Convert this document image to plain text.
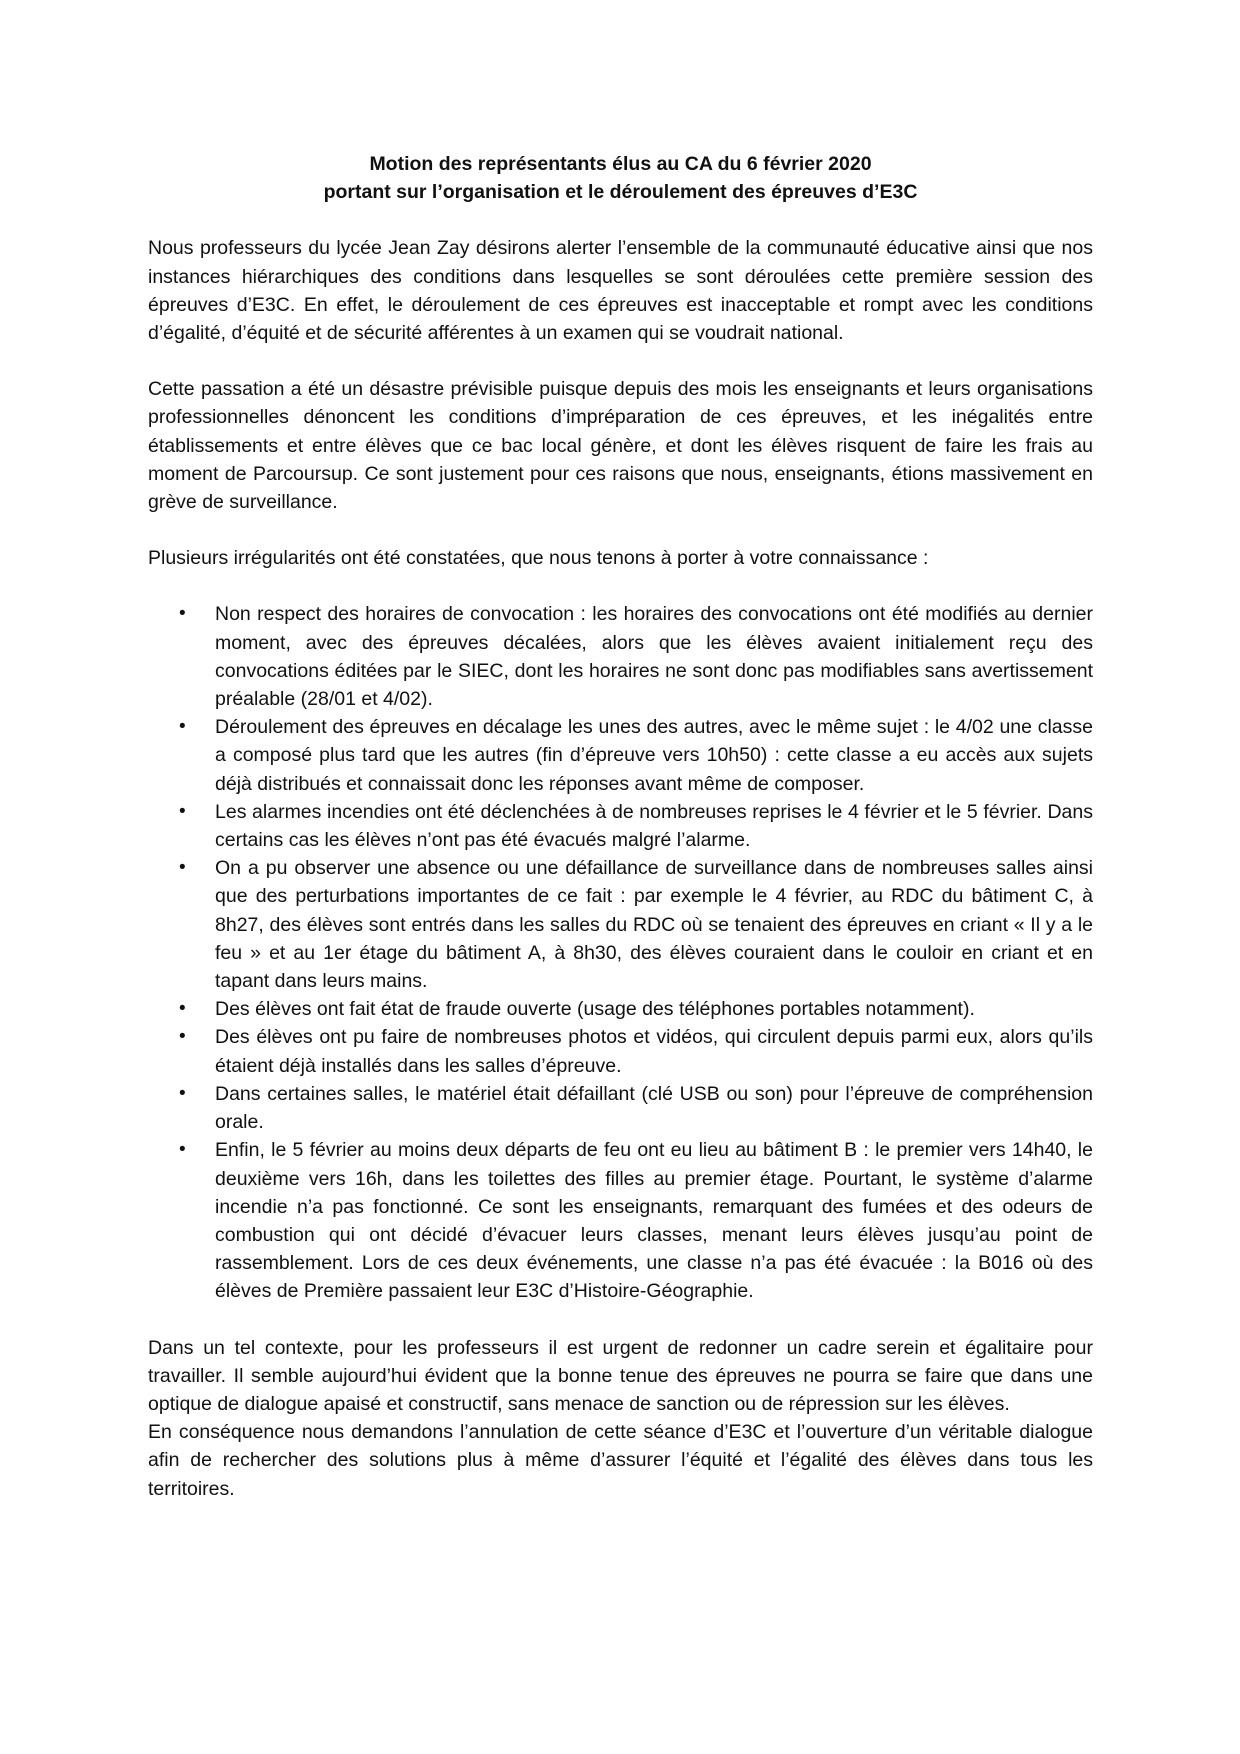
Motion des représentants élus au CA du 6 février 2020
portant sur l’organisation et le déroulement des épreuves d’E3C

Nous professeurs du lycée Jean Zay désirons alerter l’ensemble de la communauté éducative ainsi que nos instances hiérarchiques des conditions dans lesquelles se sont déroulées cette première session des épreuves d’E3C. En effet, le déroulement de ces épreuves est inacceptable et rompt avec les conditions d’égalité, d’équité et de sécurité afférentes à un examen qui se voudrait national.

Cette passation a été un désastre prévisible puisque depuis des mois les enseignants et leurs organisations professionnelles dénoncent les conditions d’impréparation de ces épreuves, et les inégalités entre établissements et entre élèves que ce bac local génère, et dont les élèves risquent de faire les frais au moment de Parcoursup. Ce sont justement pour ces raisons que nous, enseignants, étions massivement en grève de surveillance.

Plusieurs irrégularités ont été constatées, que nous tenons à porter à votre connaissance :

• Non respect des horaires de convocation : les horaires des convocations ont été modifiés au dernier moment, avec des épreuves décalées, alors que les élèves avaient initialement reçu des convocations éditées par le SIEC, dont les horaires ne sont donc pas modifiables sans avertissement préalable (28/01 et 4/02).
• Déroulement des épreuves en décalage les unes des autres, avec le même sujet : le 4/02 une classe a composé plus tard que les autres (fin d’épreuve vers 10h50) : cette classe a eu accès aux sujets déjà distribués et connaissait donc les réponses avant même de composer.
• Les alarmes incendies ont été déclenchées à de nombreuses reprises le 4 février et le 5 février. Dans certains cas les élèves n’ont pas été évacués malgré l’alarme.
• On a pu observer une absence ou une défaillance de surveillance dans de nombreuses salles ainsi que des perturbations importantes de ce fait : par exemple le 4 février, au RDC du bâtiment C, à 8h27, des élèves sont entrés dans les salles du RDC où se tenaient des épreuves en criant « Il y a le feu » et au 1er étage du bâtiment A, à 8h30, des élèves couraient dans le couloir en criant et en tapant dans leurs mains.
• Des élèves ont fait état de fraude ouverte (usage des téléphones portables notamment).
• Des élèves ont pu faire de nombreuses photos et vidéos, qui circulent depuis parmi eux, alors qu’ils étaient déjà installés dans les salles d’épreuve.
• Dans certaines salles, le matériel était défaillant (clé USB ou son) pour l’épreuve de compréhension orale.
• Enfin, le 5 février au moins deux départs de feu ont eu lieu au bâtiment B : le premier vers 14h40, le deuxième vers 16h, dans les toilettes des filles au premier étage. Pourtant, le système d’alarme incendie n’a pas fonctionné. Ce sont les enseignants, remarquant des fumées et des odeurs de combustion qui ont décidé d’évacuer leurs classes, menant leurs élèves jusqu’au point de rassemblement. Lors de ces deux événements, une classe n’a pas été évacuée : la B016 où des élèves de Première passaient leur E3C d’Histoire-Géographie.

Dans un tel contexte, pour les professeurs il est urgent de redonner un cadre serein et égalitaire pour travailler. Il semble aujourd’hui évident que la bonne tenue des épreuves ne pourra se faire que dans une optique de dialogue apaisé et constructif, sans menace de sanction ou de répression sur les élèves.

En conséquence nous demandons l’annulation de cette séance d’E3C et l’ouverture d’un véritable dialogue afin de rechercher des solutions plus à même d’assurer l’équité et l’égalité des élèves dans tous les territoires.
